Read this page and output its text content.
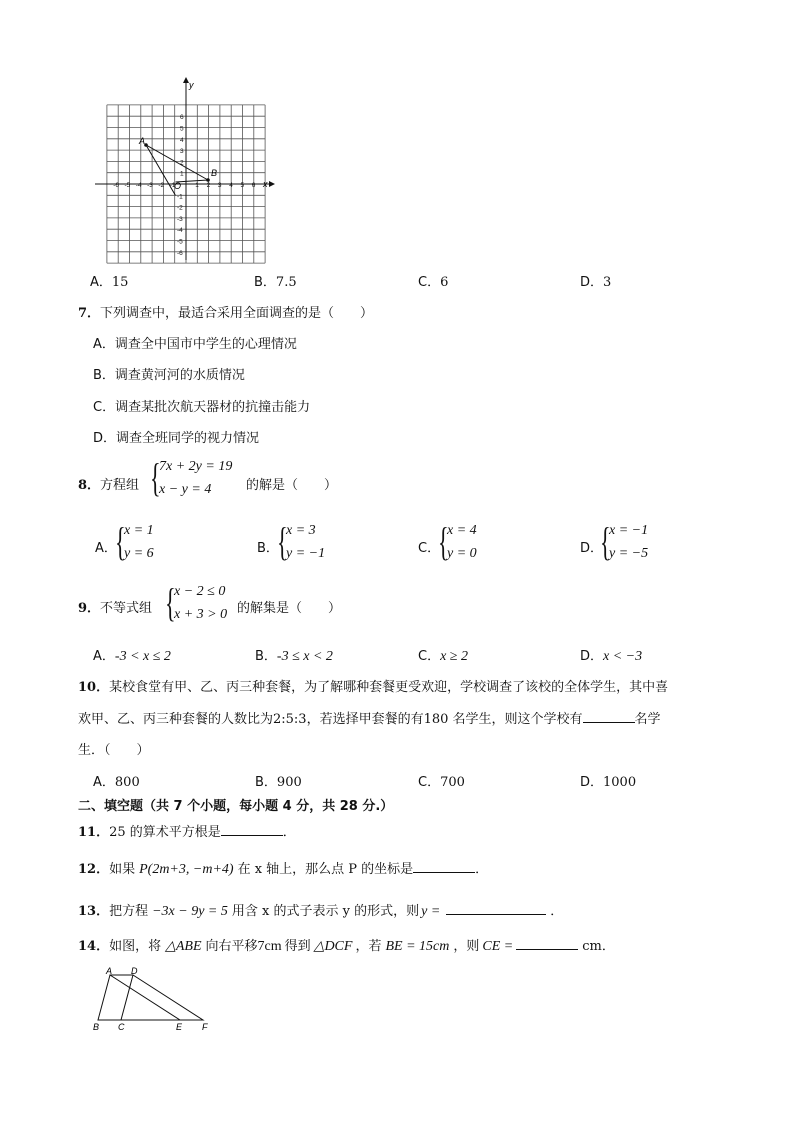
A
B
x
y
O
-6 -5 -4 -3 -2 -1	1 2 3 4 5 6
6
5
4
3
2
1
-1
-2
-3
-4
-5
-6
A．15	B．7.5	C．6	D．3
7．下列调查中，最适合采用全面调查的是（　　）
A．调查全中国市中学生的心理情况
B．调查黄河河的水质情况
C．调查某批次航天器材的抗撞击能力
D．调查全班同学的视力情况
8．方程组 {
7x + 2y = 19
x − y = 4	的解是（　　）
A．
{
x = 1
y = 6	B．
{
x = 3
y = −1	C．
{
x = 4
y = 0	D．
{
x = −1
y = −5
9．不等式组 {
x − 2 ≤ 0
x + 3 > 0 的解集是（　　）
A．-3 < x ≤ 2	B．-3 ≤ x < 2	C．x ≥ 2	D．x < −3
10．某校食堂有甲、乙、丙三种套餐，为了解哪种套餐更受欢迎，学校调查了该校的全体学生，其中喜
欢甲、乙、丙三种套餐的人数比为2:5:3，若选择甲套餐的有180 名学生，则这个学校有	名学
生．（　　）
A．800	B．900	C．700	D．1000
二、填空题（共 7 个小题，每小题 4 分，共 28 分.）
11．25 的算术平方根是	．
12．如果 P(2m+3, −m+4) 在 x 轴上，那么点 P 的坐标是	．
13．把方程 −3x − 9y = 5 用含 x 的式子表示 y 的形式，则 y =	．
14．如图，将 △ABE 向右平移7cm 得到 △DCF ，若 BE = 15cm ，则 CE =	cm．
A D
B C	E F
